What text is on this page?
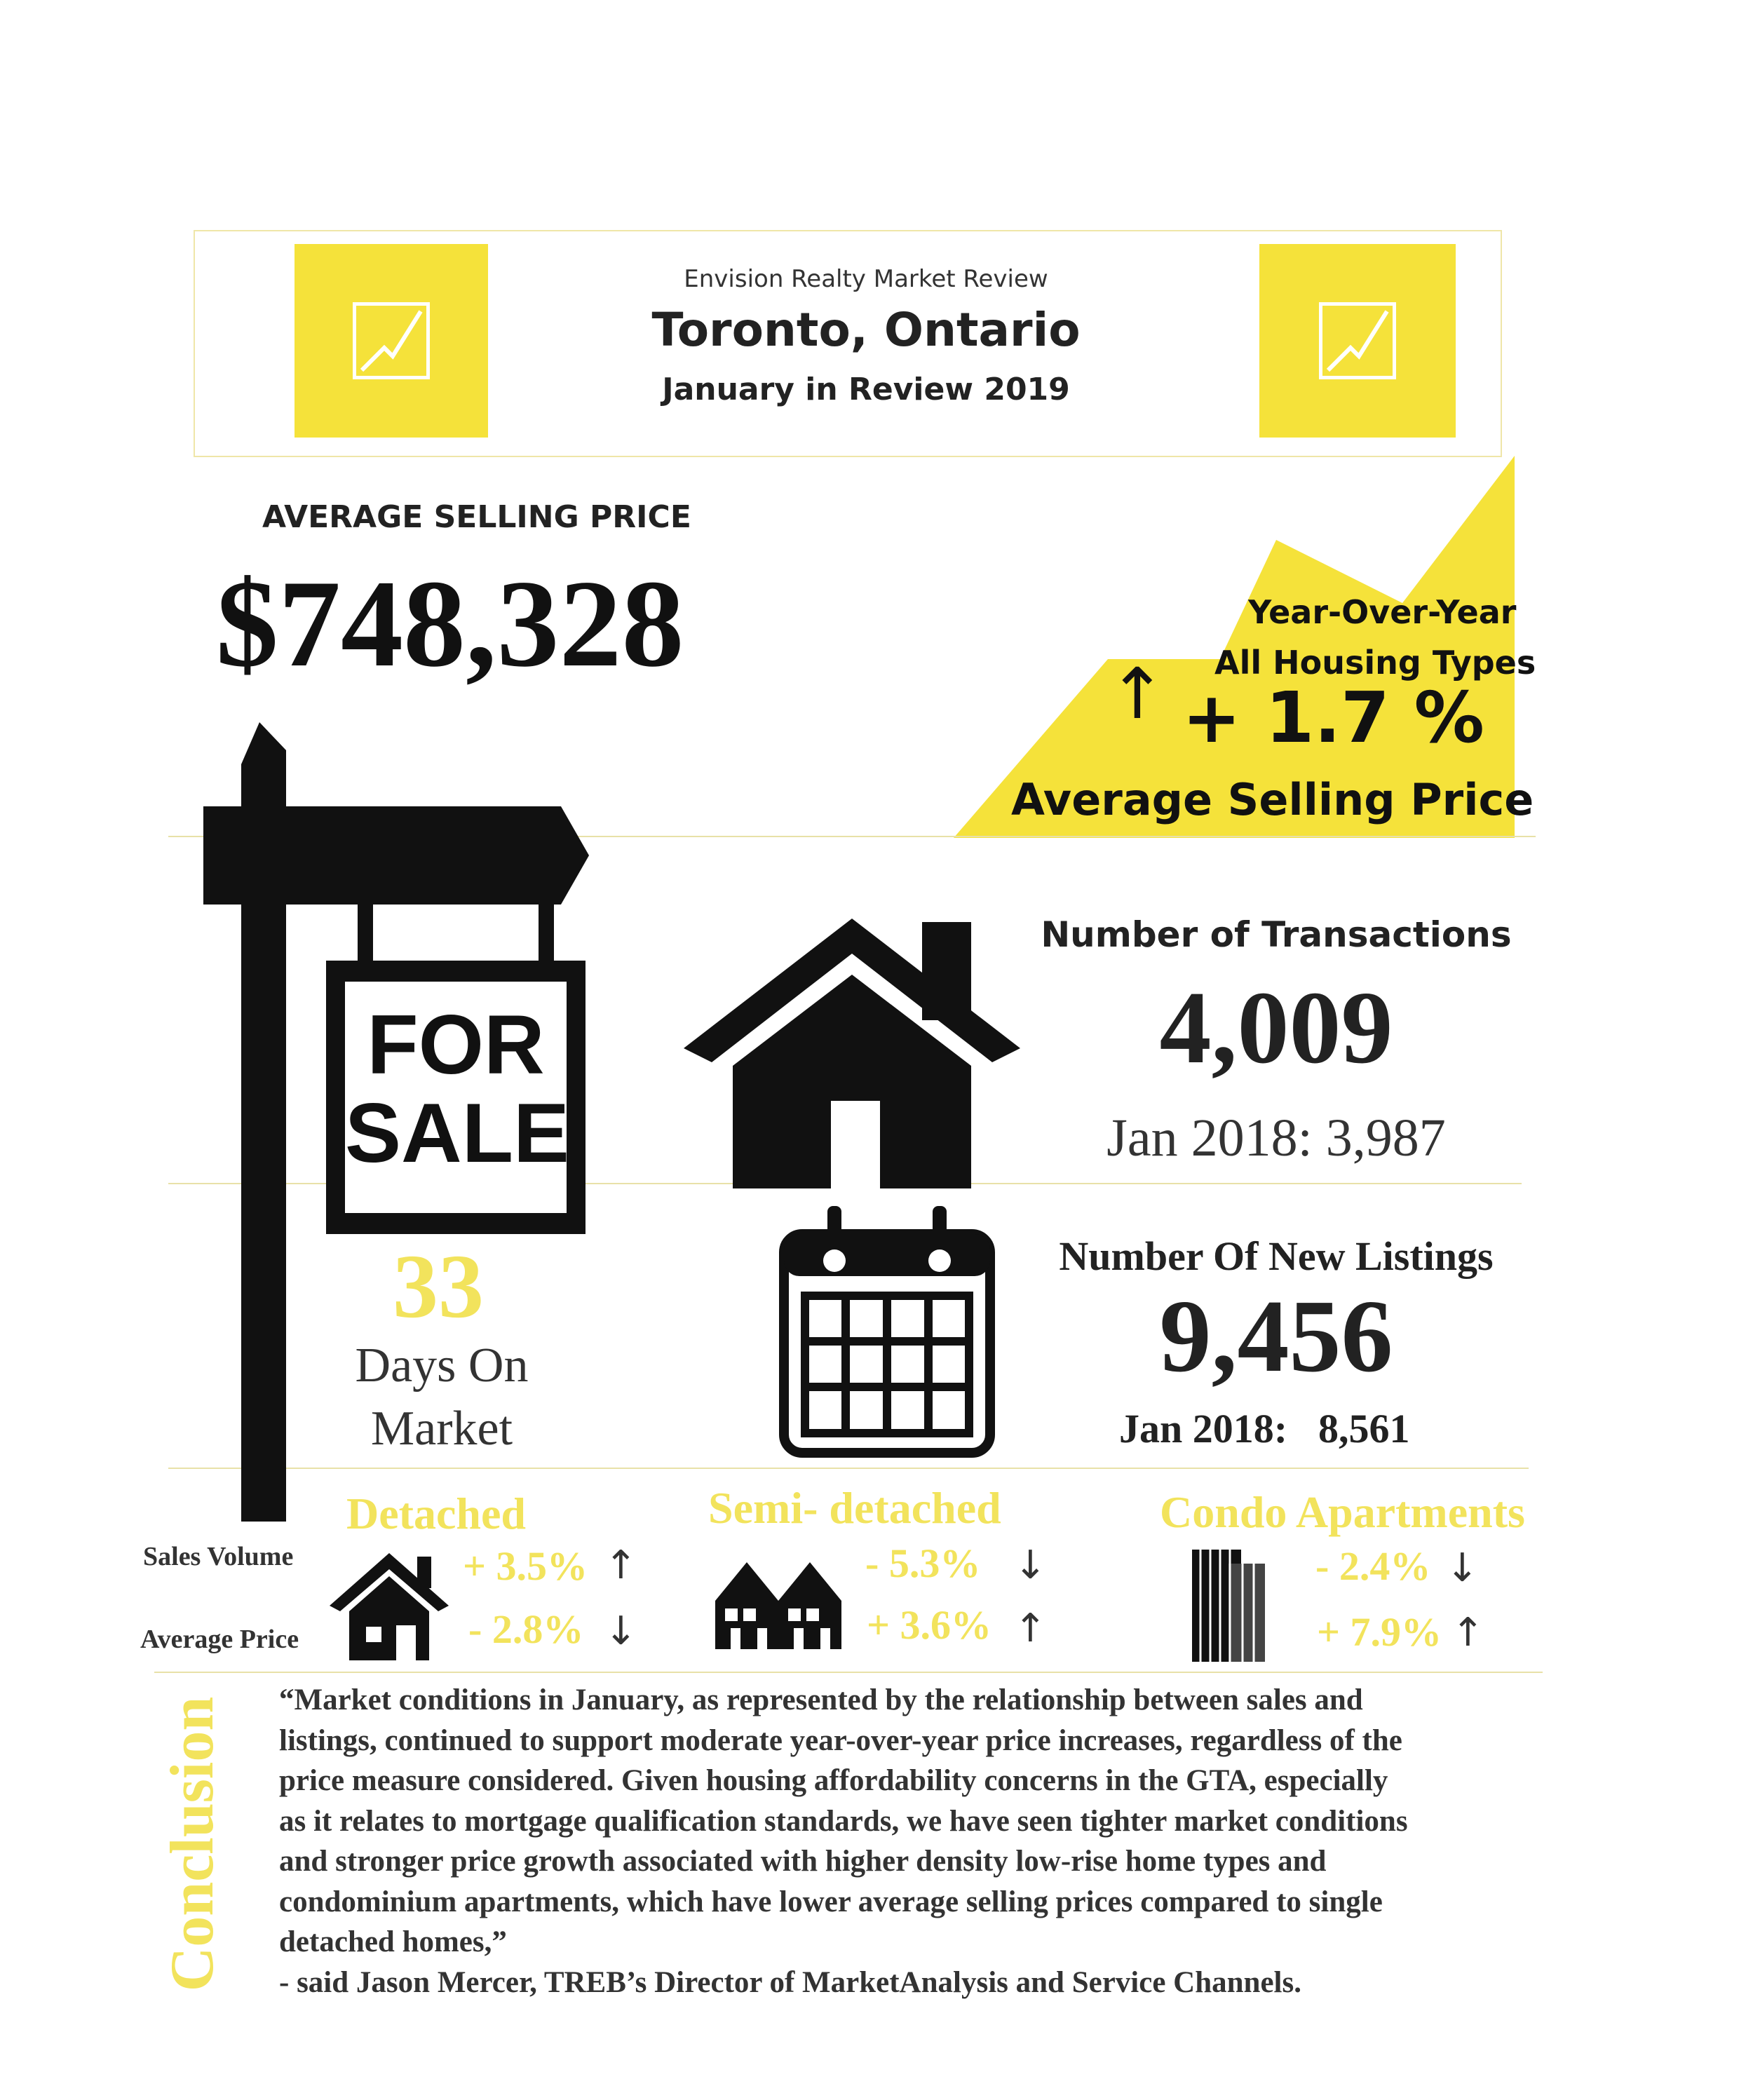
Envision Realty Market Review
Toronto, Ontario
January in Review 2019
AVERAGE SELLING PRICE
$748,328	Year-Over-Year
All Housing Types
↑ + 1.7 %
Average Selling Price
FOR
SALE
33
Days On
Market
Number of Transactions
4,009
Jan 2018: 3,987
Number Of New Listings
9,456
Jan 2018: 8,561
Sales Volume
Average Price
Detached
+ 3.5% ↑
- 2.8% ↓
Semi- detached
- 5.3% ↓
+ 3.6% ↑
Condo Apartments
- 2.4% ↓
+ 7.9% ↑
Conclusion “Market conditions in January, as represented by the relationship between sales and
listings, continued to support moderate year-over-year price increases, regardless of the
price measure considered. Given housing affordability concerns in the GTA, especially
as it relates to mortgage qualification standards, we have seen tighter market conditions
and stronger price growth associated with higher density low-rise home types and
condominium apartments, which have lower average selling prices compared to single
detached homes,”
- said Jason Mercer, TREB’s Director of MarketAnalysis and Service Channels.
